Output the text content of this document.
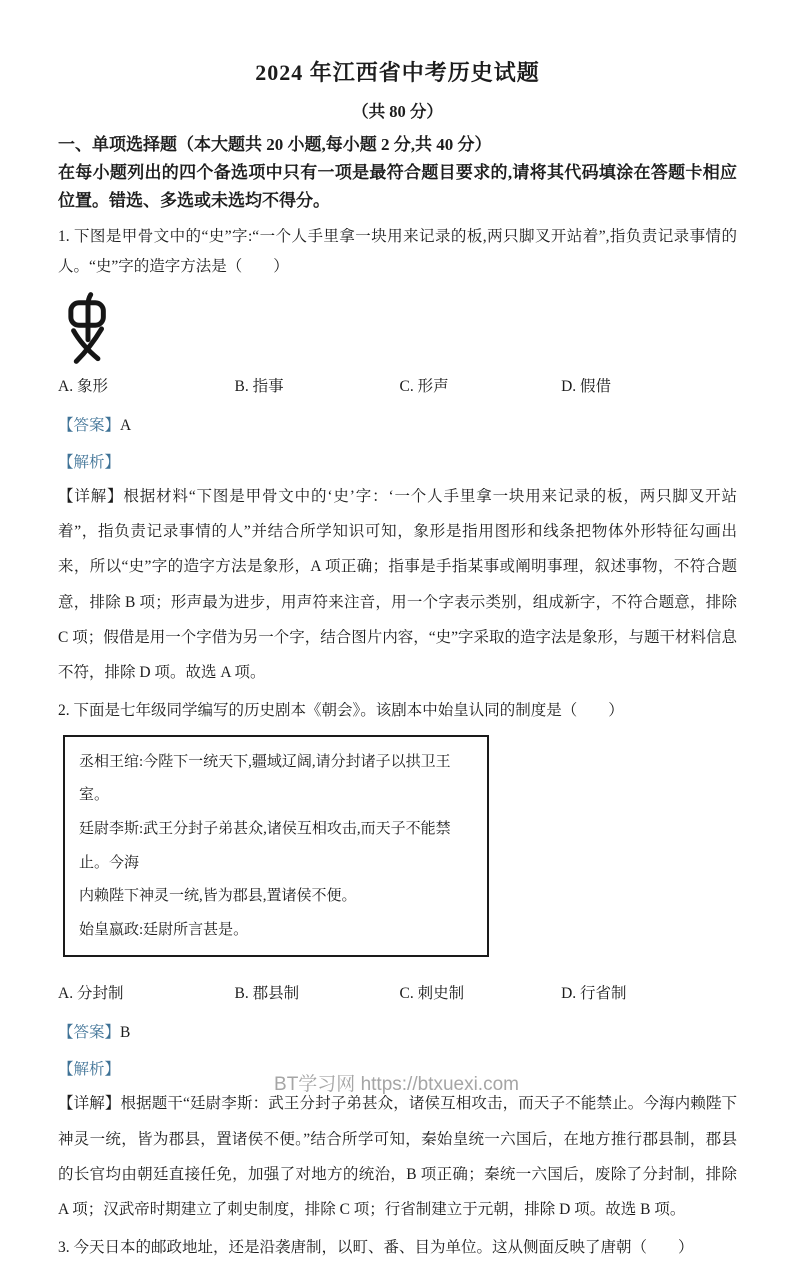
2024 年江西省中考历史试题
（共 80 分）
一、单项选择题（本大题共 20 小题,每小题 2 分,共 40 分）
在每小题列出的四个备选项中只有一项是最符合题目要求的,请将其代码填涂在答题卡相应位置。错选、多选或未选均不得分。
1. 下图是甲骨文中的“史”字:“一个人手里拿一块用来记录的板,两只脚叉开站着”,指负责记录事情的人。“史”字的造字方法是（　　）
A. 象形	B. 指事	C. 形声	D. 假借
【答案】A
【解析】
【详解】根据材料“下图是甲骨文中的‘史’字：‘一个人手里拿一块用来记录的板，两只脚叉开站着”，指负责记录事情的人”并结合所学知识可知，象形是指用图形和线条把物体外形特征勾画出来，所以“史”字的造字方法是象形，A 项正确；指事是手指某事或阐明事理，叙述事物，不符合题意，排除 B 项；形声最为进步，用声符来注音，用一个字表示类别，组成新字，不符合题意，排除 C 项；假借是用一个字借为另一个字，结合图片内容，“史”字采取的造字法是象形，与题干材料信息不符，排除 D 项。故选 A 项。
2. 下面是七年级同学编写的历史剧本《朝会》。该剧本中始皇认同的制度是（　　）
丞相王绾:今陛下一统天下,疆域辽阔,请分封诸子以拱卫王室。
廷尉李斯:武王分封子弟甚众,诸侯互相攻击,而天子不能禁止。今海
内赖陛下神灵一统,皆为郡县,置诸侯不便。
始皇嬴政:廷尉所言甚是。
A. 分封制	B. 郡县制	C. 刺史制	D. 行省制
【答案】B
【解析】
【详解】根据题干“廷尉李斯：武王分封子弟甚众，诸侯互相攻击，而天子不能禁止。今海内赖陛下神灵一统，皆为郡县，置诸侯不便。”结合所学可知，秦始皇统一六国后，在地方推行郡县制，郡县的长官均由朝廷直接任免，加强了对地方的统治，B 项正确；秦统一六国后，废除了分封制，排除 A 项；汉武帝时期建立了刺史制度，排除 C 项；行省制建立于元朝，排除 D 项。故选 B 项。
3. 今天日本的邮政地址，还是沿袭唐制，以町、番、目为单位。这从侧面反映了唐朝（　　）
BT学习网 https://btxuexi.com
